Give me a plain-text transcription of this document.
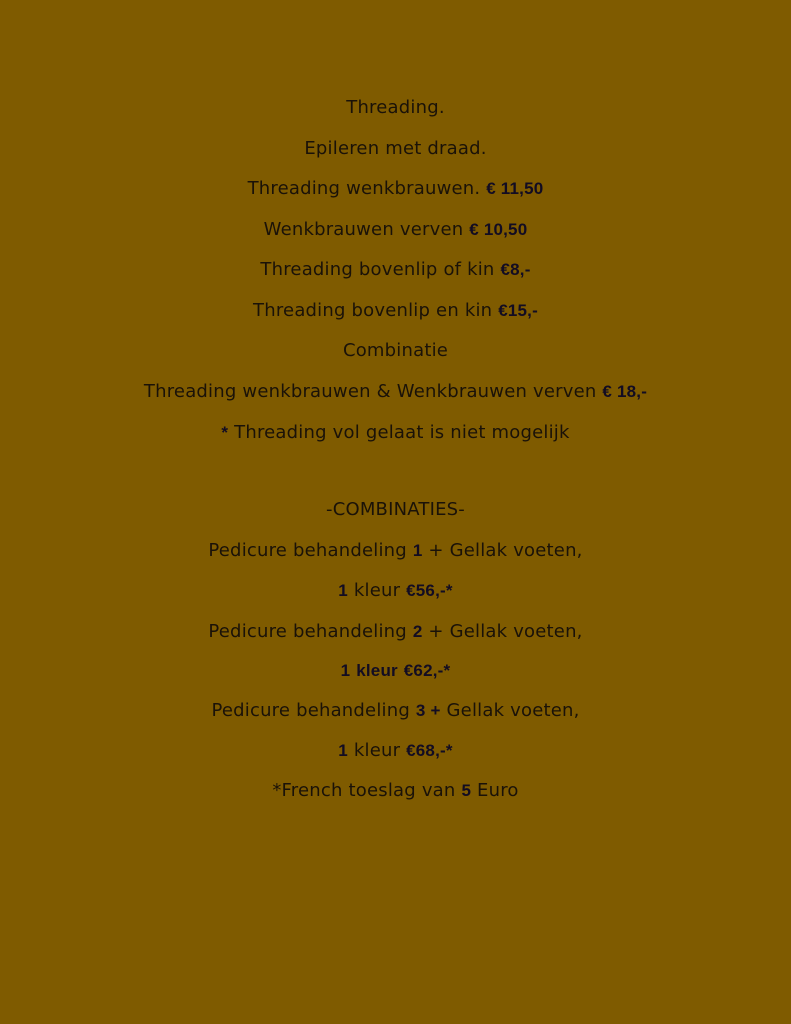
Threading.
Epileren met draad.
Threading wenkbrauwen. € 11,50
Wenkbrauwen verven € 10,50
Threading bovenlip of kin €8,-
Threading bovenlip en kin €15,-
Combinatie
Threading wenkbrauwen & Wenkbrauwen verven € 18,-
* Threading vol gelaat is niet mogelijk
-COMBINATIES-
Pedicure behandeling 1 + Gellak voeten,
1 kleur €56,-*
Pedicure behandeling 2 + Gellak voeten,
1 kleur €62,-*
Pedicure behandeling 3 + Gellak voeten,
1 kleur €68,-*
*French toeslag van 5 Euro
